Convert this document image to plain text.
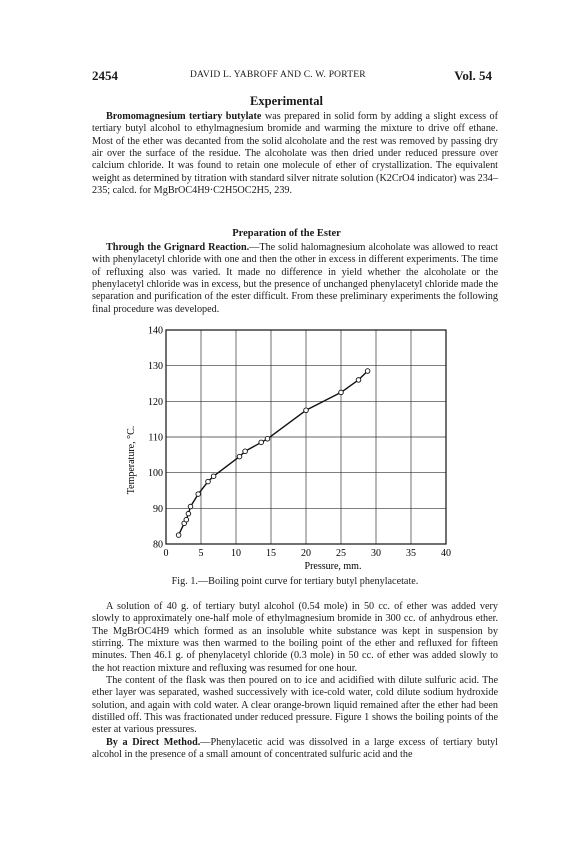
2454	DAVID L. YABROFF AND C. W. PORTER	Vol. 54
Experimental

Bromomagnesium tertiary butylate was prepared in solid form by adding a slight excess of tertiary butyl alcohol to ethylmagnesium bromide and warming the mixture to drive off ethane. Most of the ether was decanted from the solid alcoholate and the rest was removed by passing dry air over the surface of the residue. The alcoholate was then dried under reduced pressure over calcium chloride. It was found to retain one molecule of ether of crystallization. The equivalent weight as determined by titration with standard silver nitrate solution (K2CrO4 indicator) was 234–235; calcd. for MgBrOC4H9·C2H5OC2H5, 239.

Preparation of the Ester

Through the Grignard Reaction.—The solid halomagnesium alcoholate was allowed to react with phenylacetyl chloride with one and then the other in excess in different experiments. The time of refluxing also was varied. It made no difference in yield whether the alcoholate or the phenylacetyl chloride was in excess, but the presence of unchanged phenylacetyl chloride made the separation and purification of the ester difficult. From these preliminary experiments the following final procedure was developed.

0	5	10	15	20	25	30	35	40
80
90
100
110
120
130
140
Pressure, mm.
Temperature, °C.
Fig. 1.—Boiling point curve for tertiary butyl phenylacetate.

A solution of 40 g. of tertiary butyl alcohol (0.54 mole) in 50 cc. of ether was added very slowly to approximately one-half mole of ethylmagnesium bromide in 300 cc. of anhydrous ether. The MgBrOC4H9 which formed as an insoluble white substance was kept in suspension by stirring. The mixture was then warmed to the boiling point of the ether and refluxed for fifteen minutes. Then 46.1 g. of phenylacetyl chloride (0.3 mole) in 50 cc. of ether was added slowly to the hot reaction mixture and refluxing was resumed for one hour.

The content of the flask was then poured on to ice and acidified with dilute sulfuric acid. The ether layer was separated, washed successively with ice-cold water, cold dilute sodium hydroxide solution, and again with cold water. A clear orange-brown liquid remained after the ether had been distilled off. This was fractionated under reduced pressure. Figure 1 shows the boiling points of the ester at various pressures.

By a Direct Method.—Phenylacetic acid was dissolved in a large excess of tertiary butyl alcohol in the presence of a small amount of concentrated sulfuric acid and the
